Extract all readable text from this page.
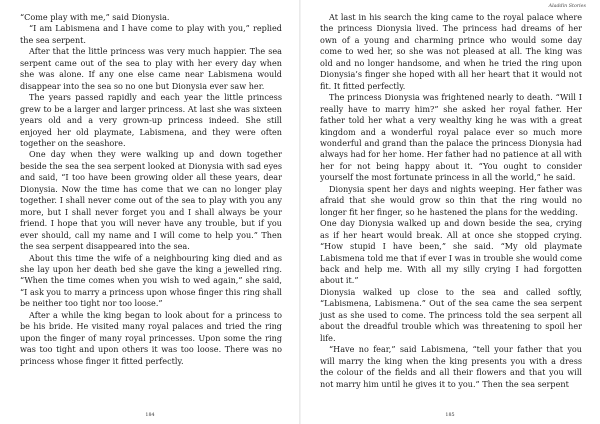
“Come play with me,” said Dionysia.

“I am Labismena and I have come to play with you,” replied the sea serpent.

After that the little princess was very much happier. The sea serpent came out of the sea to play with her every day when she was alone. If any one else came near Labismena would disappear into the sea so no one but Dionysia ever saw her.

The years passed rapidly and each year the little princess grew to be a larger and larger princess. At last she was sixteen years old and a very grown-up princess indeed. She still enjoyed her old playmate, Labismena, and they were often together on the seashore.

One day when they were walking up and down together beside the sea the sea serpent looked at Dionysia with sad eyes and said, “I too have been growing older all these years, dear Dionysia. Now the time has come that we can no longer play together. I shall never come out of the sea to play with you any more, but I shall never forget you and I shall always be your friend. I hope that you will never have any trouble, but if you ever should, call my name and I will come to help you.” Then the sea serpent disappeared into the sea.

About this time the wife of a neighbouring king died and as she lay upon her death bed she gave the king a jewelled ring. “When the time comes when you wish to wed again,” she said, “I ask you to marry a princess upon whose finger this ring shall be neither too tight nor too loose.”

After a while the king began to look about for a princess to be his bride. He visited many royal palaces and tried the ring upon the finger of many royal princesses. Upon some the ring was too tight and upon others it was too loose. There was no princess whose finger it fitted perfectly.

184
Aladdin Stories

At last in his search the king came to the royal palace where the princess Dionysia lived. The princess had dreams of her own of a young and charming prince who would some day come to wed her, so she was not pleased at all. The king was old and no longer handsome, and when he tried the ring upon Dionysia’s finger she hoped with all her heart that it would not fit. It fitted perfectly.

The princess Dionysia was frightened nearly to death. “Will I really have to marry him?” she asked her royal father. Her father told her what a very wealthy king he was with a great kingdom and a wonderful royal palace ever so much more wonderful and grand than the palace the princess Dionysia had always had for her home. Her father had no patience at all with her for not being happy about it. “You ought to consider yourself the most fortunate princess in all the world,” he said.

Dionysia spent her days and nights weeping. Her father was afraid that she would grow so thin that the ring would no longer fit her finger, so he hastened the plans for the wedding.

One day Dionysia walked up and down beside the sea, crying as if her heart would break. All at once she stopped crying. “How stupid I have been,” she said. “My old playmate Labismena told me that if ever I was in trouble she would come back and help me. With all my silly crying I had forgotten about it.”

Dionysia walked up close to the sea and called softly, “Labismena, Labismena.” Out of the sea came the sea serpent just as she used to come. The princess told the sea serpent all about the dreadful trouble which was threatening to spoil her life.

“Have no fear,” said Labismena, “tell your father that you will marry the king when the king presents you with a dress the colour of the fields and all their flowers and that you will not marry him until he gives it to you.” Then the sea serpent

185
